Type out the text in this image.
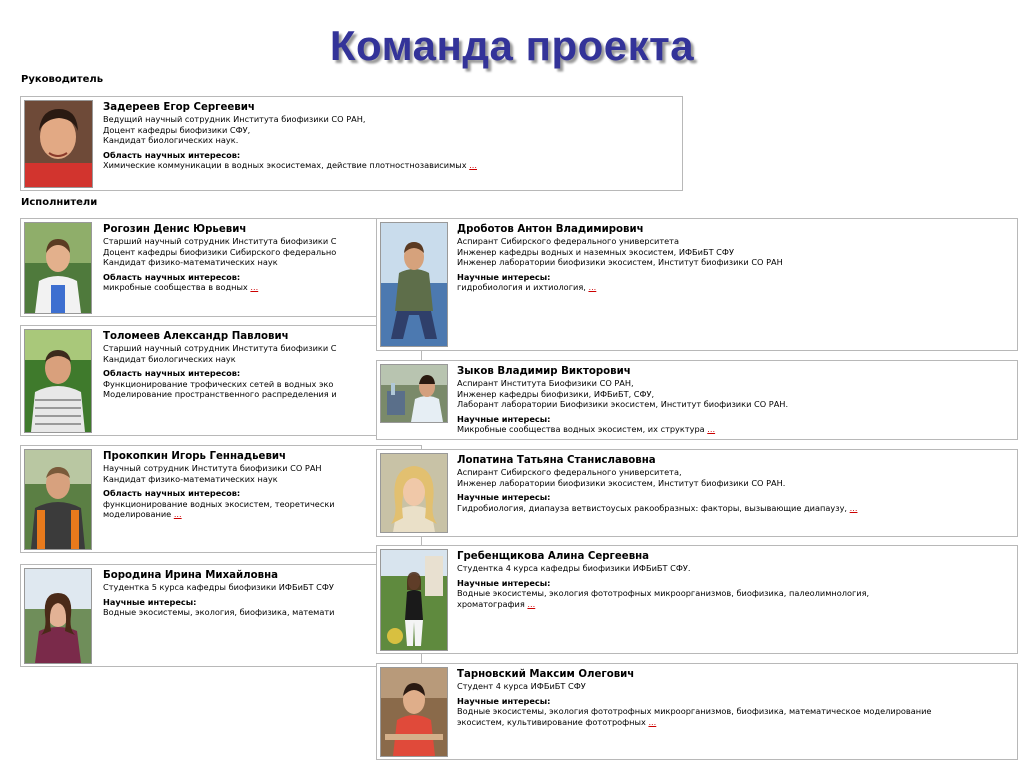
Команда проекта
Руководитель
Исполнители
Задереев Егор Сергеевич
Ведущий научный сотрудник Института биофизики СО РАН,
Доцент кафедры биофизики СФУ,
Кандидат биологических наук.
Область научных интересов:
Химические коммуникации в водных экосистемах, действие плотностнозависимых ...
Рогозин Денис Юрьевич
Старший научный сотрудник Института биофизики С
Доцент кафедры биофизики Сибирского федерально
Кандидат физико-математических наук
Область научных интересов:
микробные сообщества в водных ...
Толомеев Александр Павлович
Старший научный сотрудник Института биофизики С
Кандидат биологических наук
Область научных интересов:
Функционирование трофических сетей в водных эко
Моделирование пространственного распределения и
Прокопкин Игорь Геннадьевич
Научный сотрудник Института биофизики СО РАН
Кандидат физико-математических наук
Область научных интересов:
функционирование водных экосистем, теоретически
моделирование ...
Бородина Ирина Михайловна
Студентка 5 курса кафедры биофизики ИФБиБТ СФУ
Научные интересы:
Водные экосистемы, экология, биофизика, математи
Дроботов Антон Владимирович
Аспирант Сибирского федерального университета
Инженер кафедры водных и наземных экосистем, ИФБиБТ СФУ
Инженер лаборатории биофизики экосистем, Институт биофизики СО РАН
Научные интересы:
гидробиология и ихтиология, ...
Зыков Владимир Викторович
Аспирант Института Биофизики СО РАН,
Инженер кафедры биофизики, ИФБиБТ, СФУ,
Лаборант лаборатории Биофизики экосистем, Институт биофизики СО РАН.
Научные интересы:
Микробные сообщества водных экосистем, их структура ...
Лопатина Татьяна Станиславовна
Аспирант Сибирского федерального университета,
Инженер лаборатории биофизики экосистем, Институт биофизики СО РАН.
Научные интересы:
Гидробиология, диапауза ветвистоусых ракообразных: факторы, вызывающие диапаузу, ...
Гребенщикова Алина Сергеевна
Студентка 4 курса кафедры биофизики ИФБиБТ СФУ.
Научные интересы:
Водные экосистемы, экология фототрофных микроорганизмов, биофизика, палеолимнология,
хроматография ...
Тарновский Максим Олегович
Студент 4 курса ИФБиБТ СФУ
Научные интересы:
Водные экосистемы, экология фототрофных микроорганизмов, биофизика, математическое моделирование
экосистем, культивирование фототрофных ...
